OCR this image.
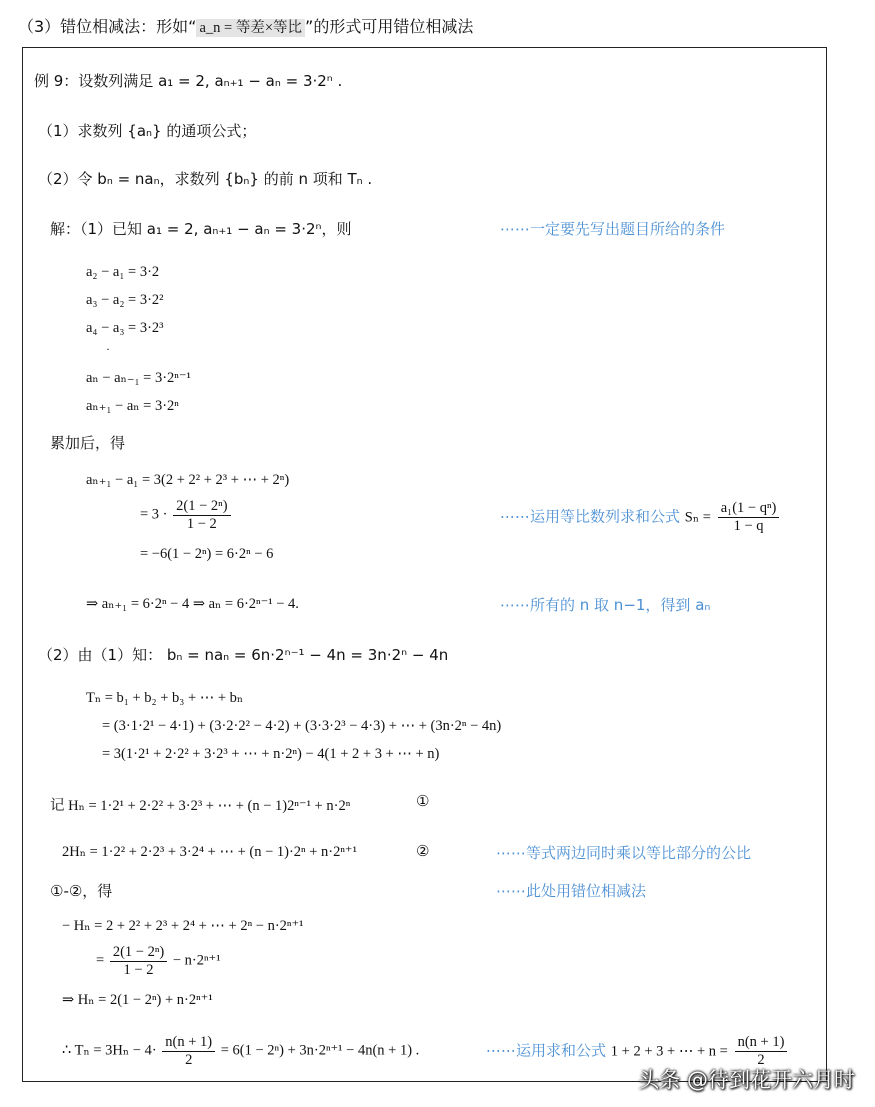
（3）错位相减法：形如“ a_n = 等差×等比 ”的形式可用错位相减法
例 9：设数列满足 a₁ = 2, aₙ₊₁ − aₙ = 3·2ⁿ .
（1）求数列 {aₙ} 的通项公式；
（2）令 bₙ = naₙ，求数列 {bₙ} 的前 n 项和 Tₙ .
解：（1）已知 a₁ = 2, aₙ₊₁ − aₙ = 3·2ⁿ，则	⋯⋯一定要先写出题目所给的条件
a₂ − a₁ = 3·2
a₃ − a₂ = 3·2²
a₄ − a₃ = 3·2³
·
aₙ − aₙ₋₁ = 3·2ⁿ⁻¹
aₙ₊₁ − aₙ = 3·2ⁿ
累加后，得
aₙ₊₁ − a₁ = 3(2 + 2² + 2³ + ⋯ + 2ⁿ)
= $3 \cdot \frac{\text{2(1 − 2ⁿ)}}{1 - 2}$	⋯⋯运用等比数列求和公式 $S_n = \frac{\text{a₁(1 − qⁿ)}}{1 - q}$
= −6(1 − 2ⁿ) = 6·2ⁿ − 6
⇒ aₙ₊₁ = 6·2ⁿ − 4 ⇒ aₙ = 6·2ⁿ⁻¹ − 4.	⋯⋯所有的 n 取 n−1，得到 aₙ
（2）由（1）知： bₙ = naₙ = 6n·2ⁿ⁻¹ − 4n = 3n·2ⁿ − 4n
Tₙ = b₁ + b₂ + b₃ + ⋯ + bₙ
= (3·1·2¹ − 4·1) + (3·2·2² − 4·2) + (3·3·2³ − 4·3) + ⋯ + (3n·2ⁿ − 4n)
= 3(1·2¹ + 2·2² + 3·2³ + ⋯ + n·2ⁿ) − 4(1 + 2 + 3 + ⋯ + n)
记 Hₙ = 1·2¹ + 2·2² + 3·2³ + ⋯ + (n − 1)2ⁿ⁻¹ + n·2ⁿ	①
2Hₙ = 1·2² + 2·2³ + 3·2⁴ + ⋯ + (n − 1)·2ⁿ + n·2ⁿ⁺¹	②	⋯⋯等式两边同时乘以等比部分的公比
①-②，得	⋯⋯此处用错位相减法
− Hₙ = 2 + 2² + 2³ + 2⁴ + ⋯ + 2ⁿ − n·2ⁿ⁺¹
= $\frac{\text{2(1 − 2ⁿ)}}{1 - 2} - n\cdot 2^{n+1}$
⇒ Hₙ = 2(1 − 2ⁿ) + n·2ⁿ⁺¹
∴ $T_n = 3H_n - 4\cdot \frac{n(n + 1)}{2} = 6(1 - 2^n) + 3n\cdot 2^{n+1} - 4n(n + 1)$ .	⋯⋯运用求和公式 1 + 2 + 3 + ⋯ + $n = \frac{n(n + 1)}{2}$
头条 @待到花开六月时
